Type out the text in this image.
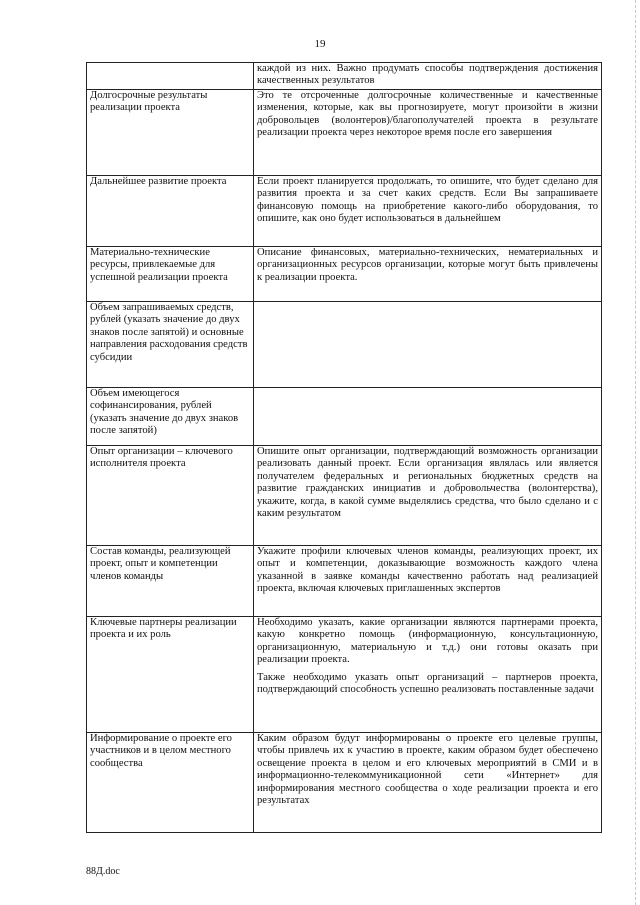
19

	каждой из них. Важно продумать способы подтверждения достижения качественных результатов

Долгосрочные результаты реализации проекта	Это те отсроченные долгосрочные количественные и качественные изменения, которые, как вы прогнозируете, могут произойти в жизни добровольцев (волонтеров)/благополучателей проекта в результате реализации проекта через некоторое время после его завершения

Дальнейшее развитие проекта	Если проект планируется продолжать, то опишите, что будет сделано для развития проекта и за счет каких средств. Если Вы запрашиваете финансовую помощь на приобретение какого-либо оборудования, то опишите, как оно будет использоваться в дальнейшем

Материально-технические ресурсы, привлекаемые для успешной реализации проекта	Описание финансовых, материально-технических, нематериальных и организационных ресурсов организации, которые могут быть привлечены к реализации проекта.

Объем запрашиваемых средств, рублей (указать значение до двух знаков после запятой) и основные направления расходования средств субсидии	
Объем имеющегося софинансирования, рублей (указать значение до двух знаков после запятой)	
Опыт организации – ключевого исполнителя проекта	Опишите опыт организации, подтверждающий возможность организации реализовать данный проект. Если организация являлась или является получателем федеральных и региональных бюджетных средств на развитие гражданских инициатив и добровольчества (волонтерства), укажите, когда, в какой сумме выделялись средства, что было сделано и с каким результатом

Состав команды, реализующей проект, опыт и компетенции членов команды	Укажите профили ключевых членов команды, реализующих проект, их опыт и компетенции, доказывающие возможность каждого члена указанной в заявке команды качественно работать над реализацией проекта, включая ключевых приглашенных экспертов

Ключевые партнеры реализации проекта и их роль	Необходимо указать, какие организации являются партнерами проекта, какую конкретно помощь (информационную, консультационную, организационную, материальную и т.д.) они готовы оказать при реализации проекта.

Также необходимо указать опыт организаций – партнеров проекта, подтверждающий способность успешно реализовать поставленные задачи

Информирование о проекте его участников и в целом местного сообщества	Каким образом будут информированы о проекте его целевые группы, чтобы привлечь их к участию в проекте, каким образом будет обеспечено освещение проекта в целом и его ключевых мероприятий в СМИ и в информационно-телекоммуникационной сети «Интернет» для информирования местного сообщества о ходе реализации проекта и его результатах

88Д.doc
